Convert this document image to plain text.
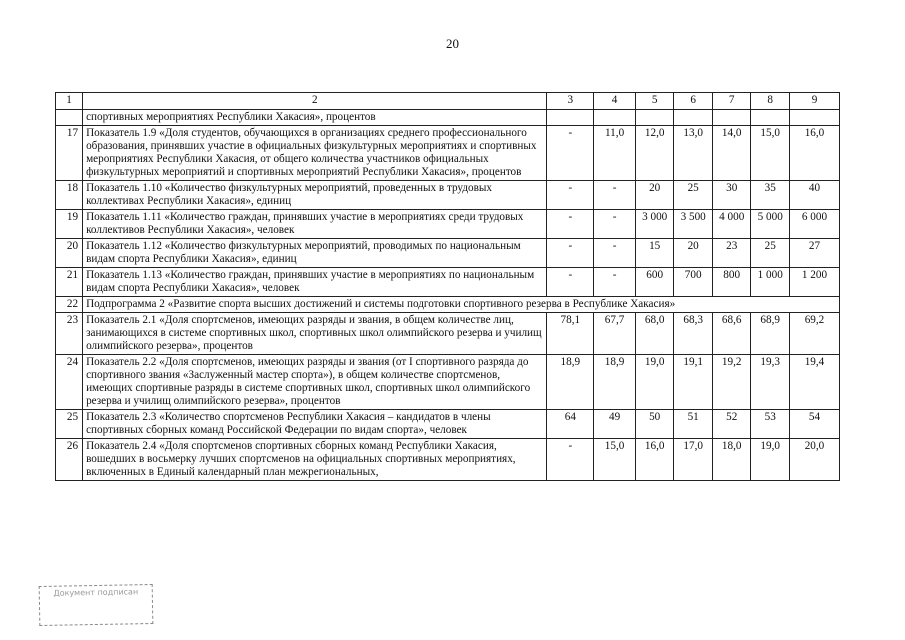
20
1	2	3	4	5	6	7	8	9
	спортивных мероприятиях Республики Хакасия», процентов							
17	Показатель 1.9 «Доля студентов, обучающихся в организациях среднего профессионального образования, принявших участие в официальных физкультурных мероприятиях и спортивных мероприятиях Республики Хакасия, от общего количества участников официальных физкультурных мероприятий и спортивных мероприятий Республики Хакасия», процентов	-	11,0	12,0	13,0	14,0	15,0	16,0
18	Показатель 1.10 «Количество физкультурных мероприятий, проведенных в трудовых коллективах Республики Хакасия», единиц	-	-	20	25	30	35	40
19	Показатель 1.11 «Количество граждан, принявших участие в мероприятиях среди трудовых коллективов Республики Хакасия», человек	-	-	3 000	3 500	4 000	5 000	6 000
20	Показатель 1.12 «Количество физкультурных мероприятий, проводимых по национальным видам спорта Республики Хакасия», единиц	-	-	15	20	23	25	27
21	Показатель 1.13 «Количество граждан, принявших участие в мероприятиях по национальным видам спорта Республики Хакасия», человек	-	-	600	700	800	1 000	1 200
22	Подпрограмма 2 «Развитие спорта высших достижений и системы подготовки спортивного резерва в Республике Хакасия»							
23	Показатель 2.1 «Доля спортсменов, имеющих разряды и звания, в общем количестве лиц, занимающихся в системе спортивных школ, спортивных школ олимпийского резерва и училищ олимпийского резерва», процентов	78,1	67,7	68,0	68,3	68,6	68,9	69,2
24	Показатель 2.2 «Доля спортсменов, имеющих разряды и звания (от I спортивного разряда до спортивного звания «Заслуженный мастер спорта»), в общем количестве спортсменов, имеющих спортивные разряды в системе спортивных школ, спортивных школ олимпийского резерва и училищ олимпийского резерва», процентов	18,9	18,9	19,0	19,1	19,2	19,3	19,4
25	Показатель 2.3 «Количество спортсменов Республики Хакасия – кандидатов в члены спортивных сборных команд Российской Федерации по видам спорта», человек	64	49	50	51	52	53	54
26	Показатель 2.4 «Доля спортсменов спортивных сборных команд Республики Хакасия, вошедших в восьмерку лучших спортсменов на официальных спортивных мероприятиях, включенных в Единый календарный план межрегиональных,	-	15,0	16,0	17,0	18,0	19,0	20,0
Документ подписан
